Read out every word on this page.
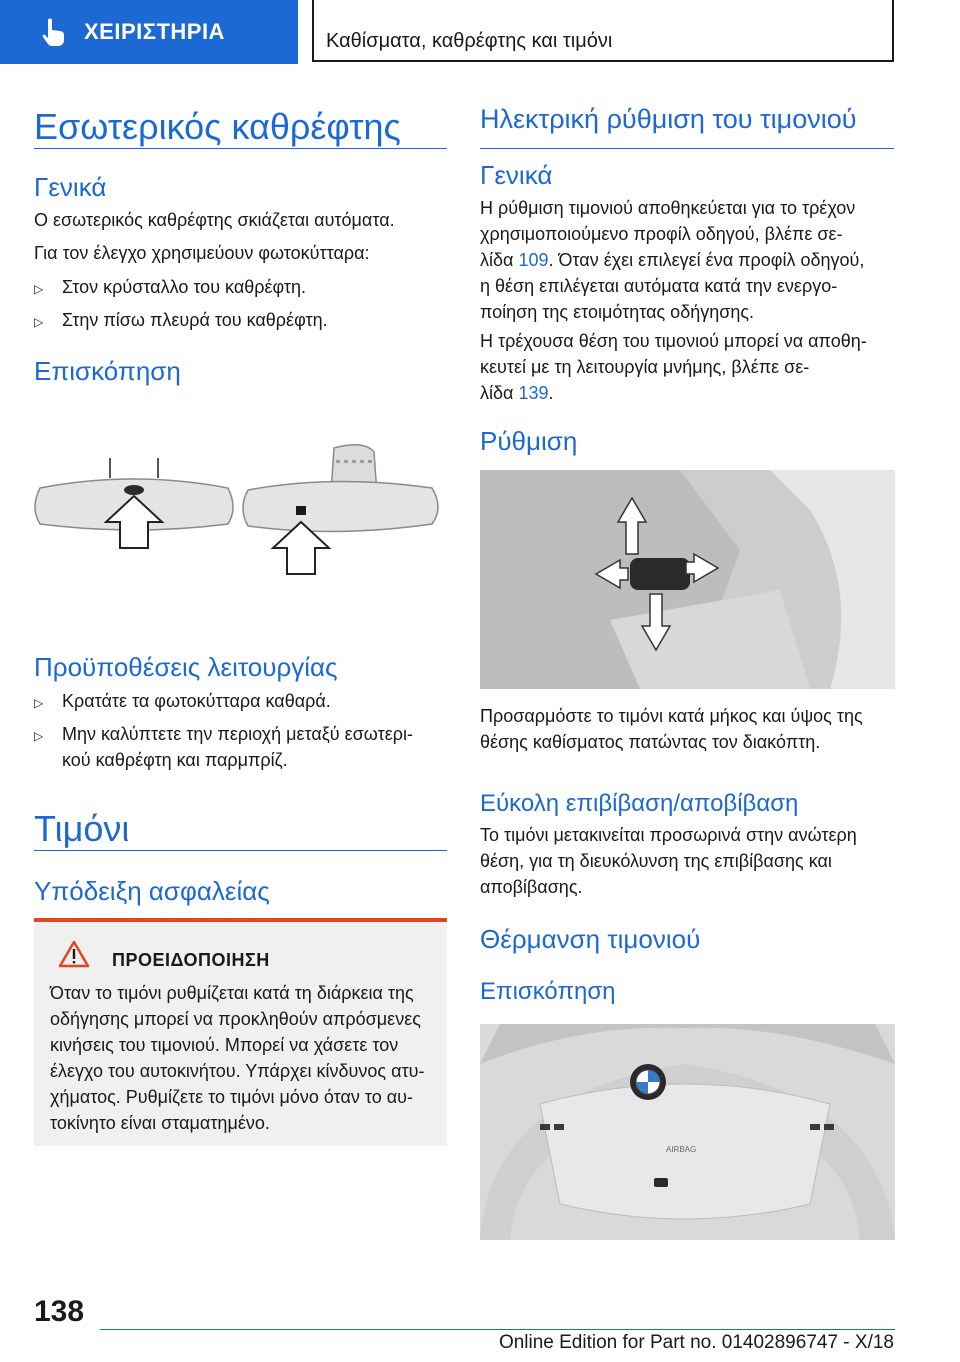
ΧΕΙΡΙΣΤΗΡΙΑ	Καθίσματα, καθρέφτης και τιμόνι
Εσωτερικός καθρέφτης
Γενικά
Ο εσωτερικός καθρέφτης σκιάζεται αυτόματα.
Για τον έλεγχο χρησιμεύουν φωτοκύτταρα:
▷	Στον κρύσταλλο του καθρέφτη.
▷	Στην πίσω πλευρά του καθρέφτη.
Επισκόπηση
Προϋποθέσεις λειτουργίας
▷	Κρατάτε τα φωτοκύτταρα καθαρά.
▷	Μην καλύπτετε την περιοχή μεταξύ εσωτερι-
κού καθρέφτη και παρμπρίζ.
Τιμόνι
Υπόδειξη ασφαλείας
ΠΡΟΕΙΔΟΠΟΙΗΣΗ
Όταν το τιμόνι ρυθμίζεται κατά τη διάρκεια της
οδήγησης μπορεί να προκληθούν απρόσμενες
κινήσεις του τιμονιού. Μπορεί να χάσετε τον
έλεγχο του αυτοκινήτου. Υπάρχει κίνδυνος ατυ-
χήματος. Ρυθμίζετε το τιμόνι μόνο όταν το αυ-
τοκίνητο είναι σταματημένο.
Ηλεκτρική ρύθμιση του τιμονιού
Γενικά
Η ρύθμιση τιμονιού αποθηκεύεται για το τρέχον
χρησιμοποιούμενο προφίλ οδηγού, βλέπε σε-
λίδα 109. Όταν έχει επιλεγεί ένα προφίλ οδηγού,
η θέση επιλέγεται αυτόματα κατά την ενεργο-
ποίηση της ετοιμότητας οδήγησης.
Η τρέχουσα θέση του τιμονιού μπορεί να αποθη-
κευτεί με τη λειτουργία μνήμης, βλέπε σε-
λίδα 139.
Ρύθμιση
Προσαρμόστε το τιμόνι κατά μήκος και ύψος της
θέσης καθίσματος πατώντας τον διακόπτη.
Εύκολη επιβίβαση/αποβίβαση
Το τιμόνι μετακινείται προσωρινά στην ανώτερη
θέση, για τη διευκόλυνση της επιβίβασης και
αποβίβασης.
Θέρμανση τιμονιού
Επισκόπηση
AIRBAG
138
Online Edition for Part no. 01402896747 - X/18
